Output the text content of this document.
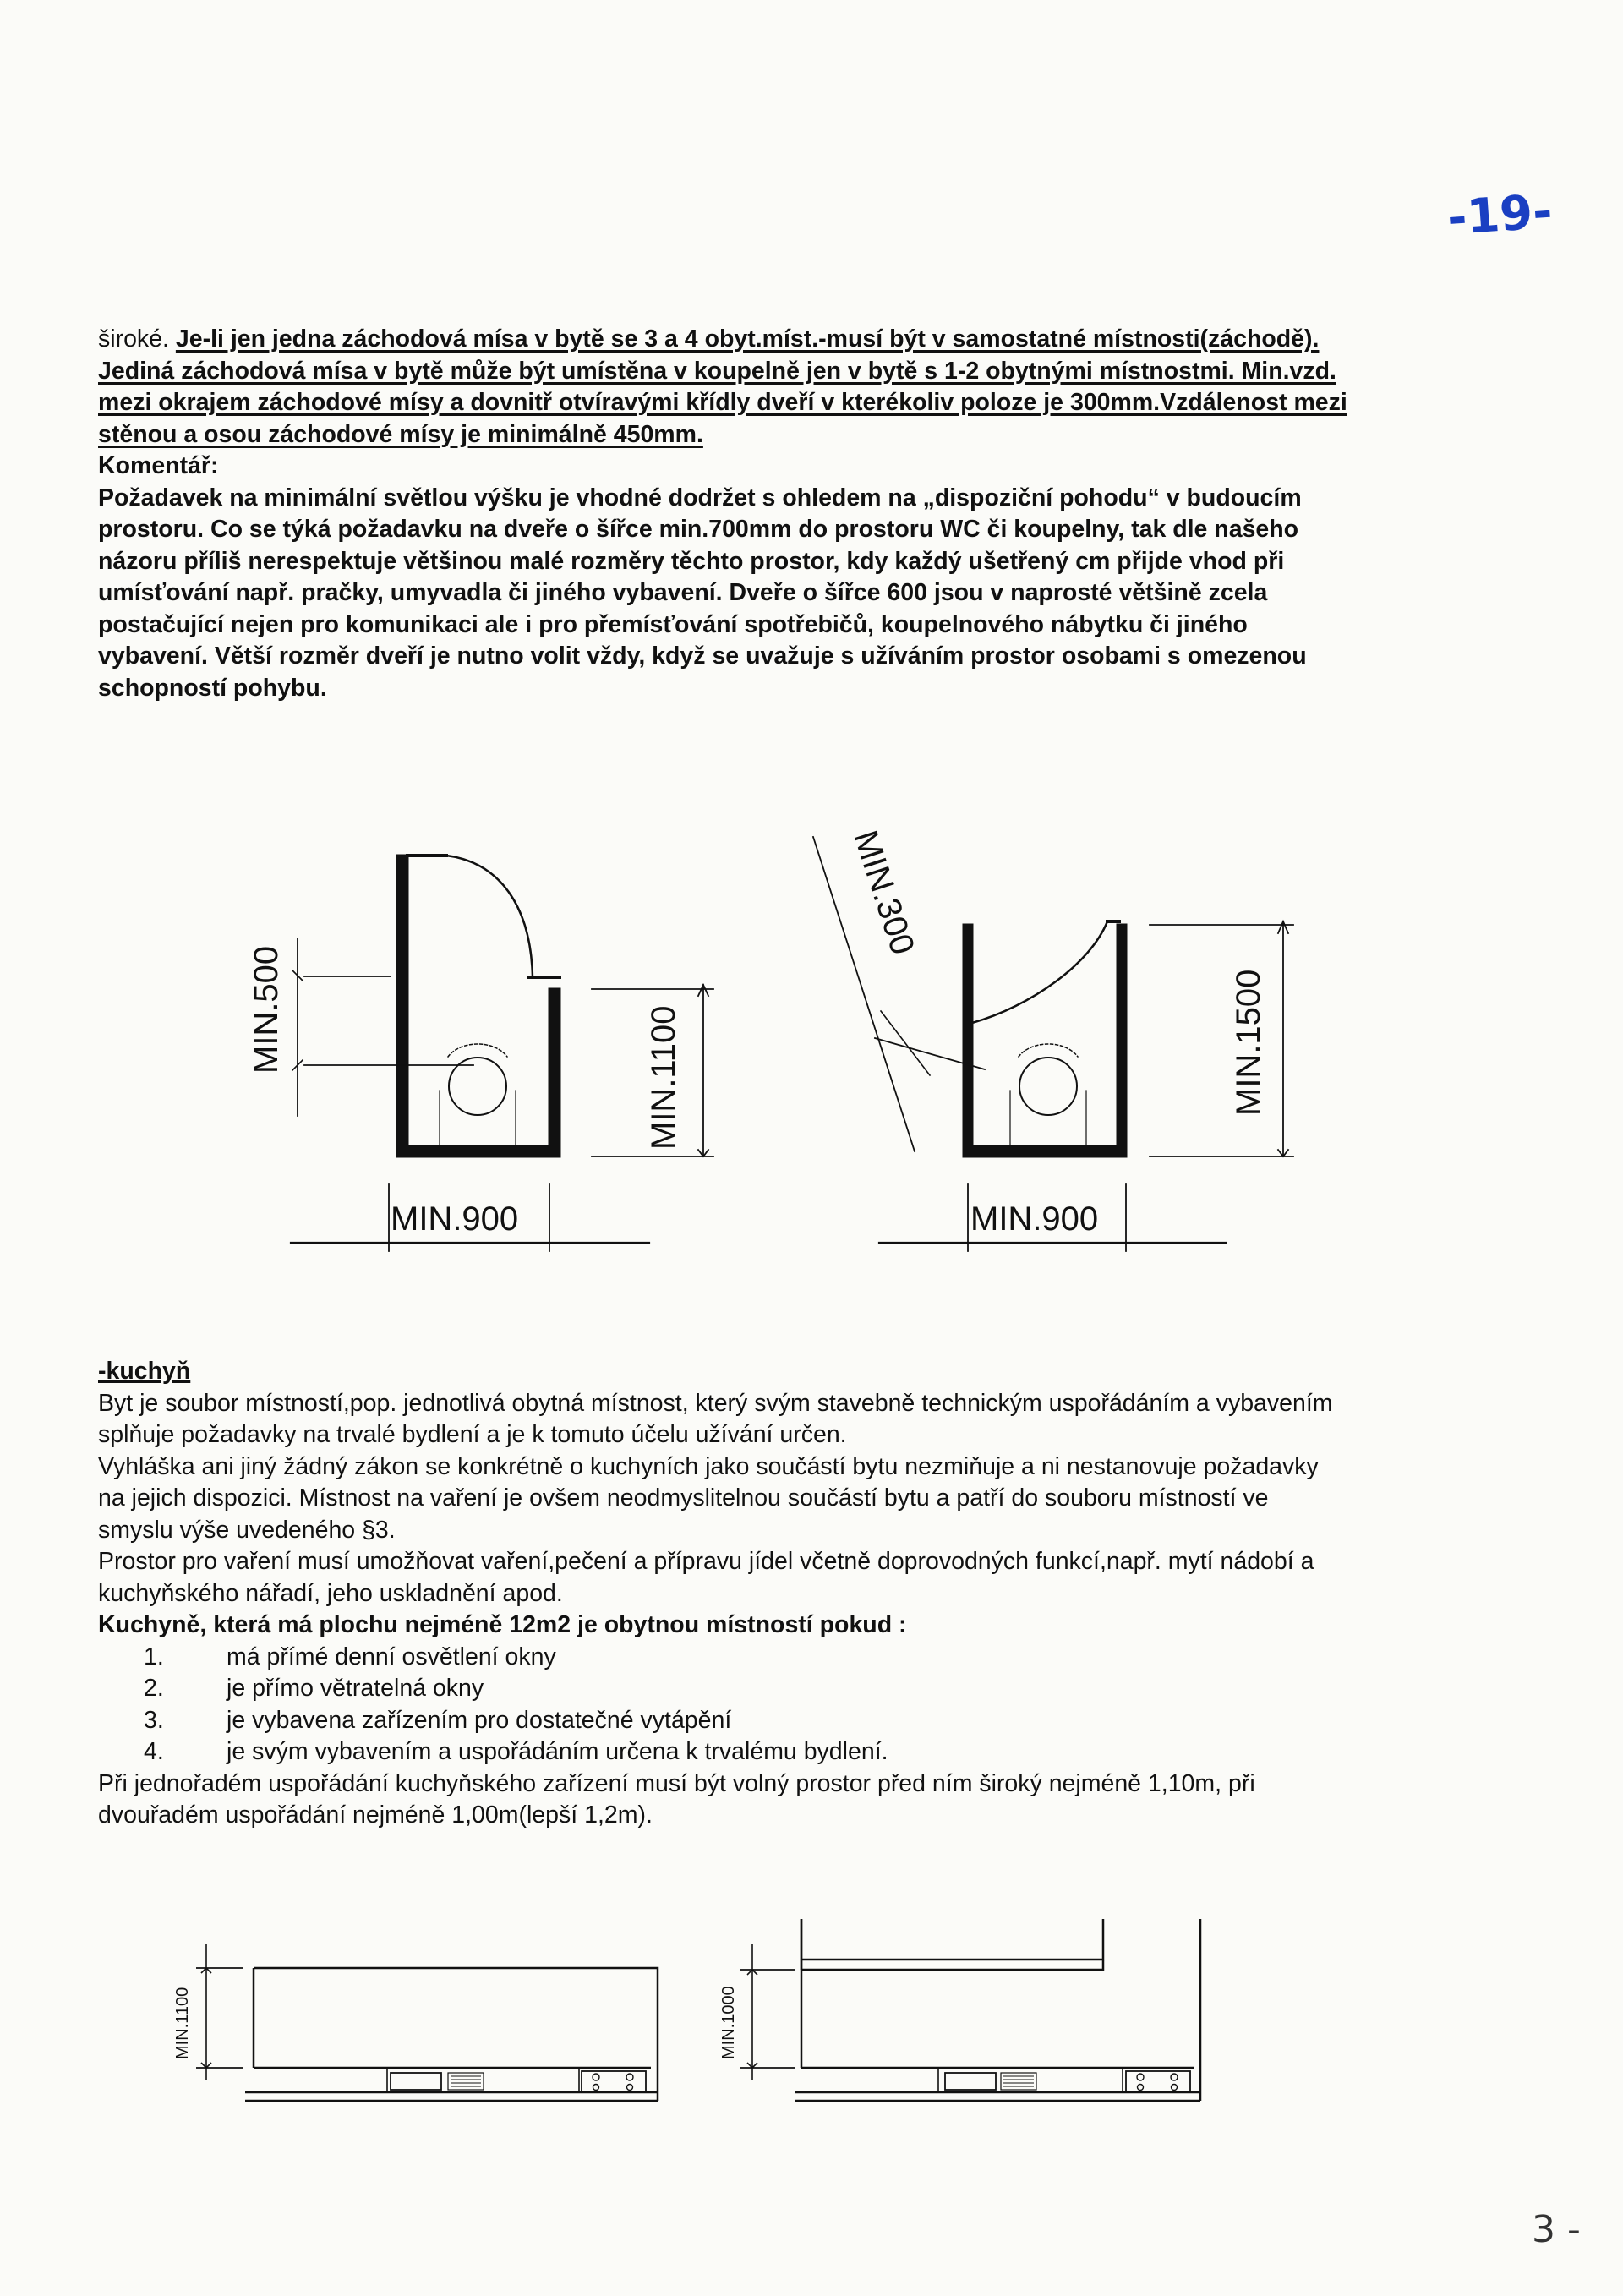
-19-
široké. Je-li jen jedna záchodová mísa v bytě se 3 a 4 obyt.míst.-musí být v samostatné místnosti(záchodě). Jediná záchodová mísa v bytě může být umístěna v koupelně jen v bytě s 1-2 obytnými místnostmi. Min.vzd. mezi okrajem záchodové mísy a dovnitř otvíravými křídly dveří v kterékoliv poloze je 300mm.Vzdálenost mezi stěnou a osou záchodové mísy je minimálně 450mm.

Komentář:

Požadavek na minimální světlou výšku je vhodné dodržet s ohledem na „dispoziční pohodu“ v budoucím prostoru. Co se týká požadavku na dveře o šířce min.700mm do prostoru WC či koupelny, tak dle našeho názoru příliš nerespektuje většinou malé rozměry těchto prostor, kdy každý ušetřený cm přijde vhod při umísťování např. pračky, umyvadla či jiného vybavení. Dveře o šířce 600 jsou v naprosté většině zcela postačující nejen pro komunikaci ale i pro přemísťování spotřebičů, koupelnového nábytku či jiného vybavení. Větší rozměr dveří je nutno volit vždy, když se uvažuje s užíváním prostor osobami s omezenou schopností pohybu.

MIN.500	MIN.1100
MIN.900
MIN.300
MIN.1500
MIN.900

-kuchyň

Byt je soubor místností,pop. jednotlivá obytná místnost, který svým stavebně technickým uspořádáním a vybavením splňuje požadavky na trvalé bydlení a je k tomuto účelu užívání určen.

Vyhláška ani jiný žádný zákon se konkrétně o kuchyních jako součástí bytu nezmiňuje a ni nestanovuje požadavky na jejich dispozici. Místnost na vaření je ovšem neodmyslitelnou součástí bytu a patří do souboru místností ve smyslu výše uvedeného §3.

Prostor pro vaření musí umožňovat vaření,pečení a přípravu jídel včetně doprovodných funkcí,např. mytí nádobí a kuchyňského nářadí, jeho uskladnění apod.

Kuchyně, která má plochu nejméně 12m2 je obytnou místností pokud :

1.	má přímé denní osvětlení okny
2.	je přímo větratelná okny
3.	je vybavena zařízením pro dostatečné vytápění
4.	je svým vybavením a uspořádáním určena k trvalému bydlení.

Při jednořadém uspořádání kuchyňského zařízení musí být volný prostor před ním široký nejméně 1,10m, při dvouřadém uspořádání nejméně 1,00m(lepší 1,2m).

MIN.1100	MIN.1000
3 -
